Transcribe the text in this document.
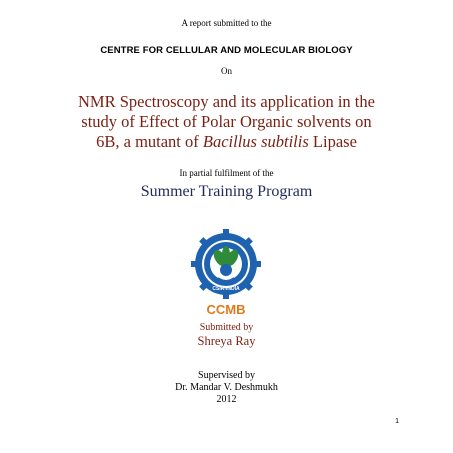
A report submitted to the
CENTRE FOR CELLULAR AND MOLECULAR BIOLOGY
On
NMR Spectroscopy and its application in the
study of Effect of Polar Organic solvents on
6B, a mutant of Bacillus subtilis Lipase
In partial fulfilment of the
Summer Training Program
CSIR-INDIA
CCMB
Submitted by
Shreya Ray
Supervised by
Dr. Mandar V. Deshmukh
2012
1
